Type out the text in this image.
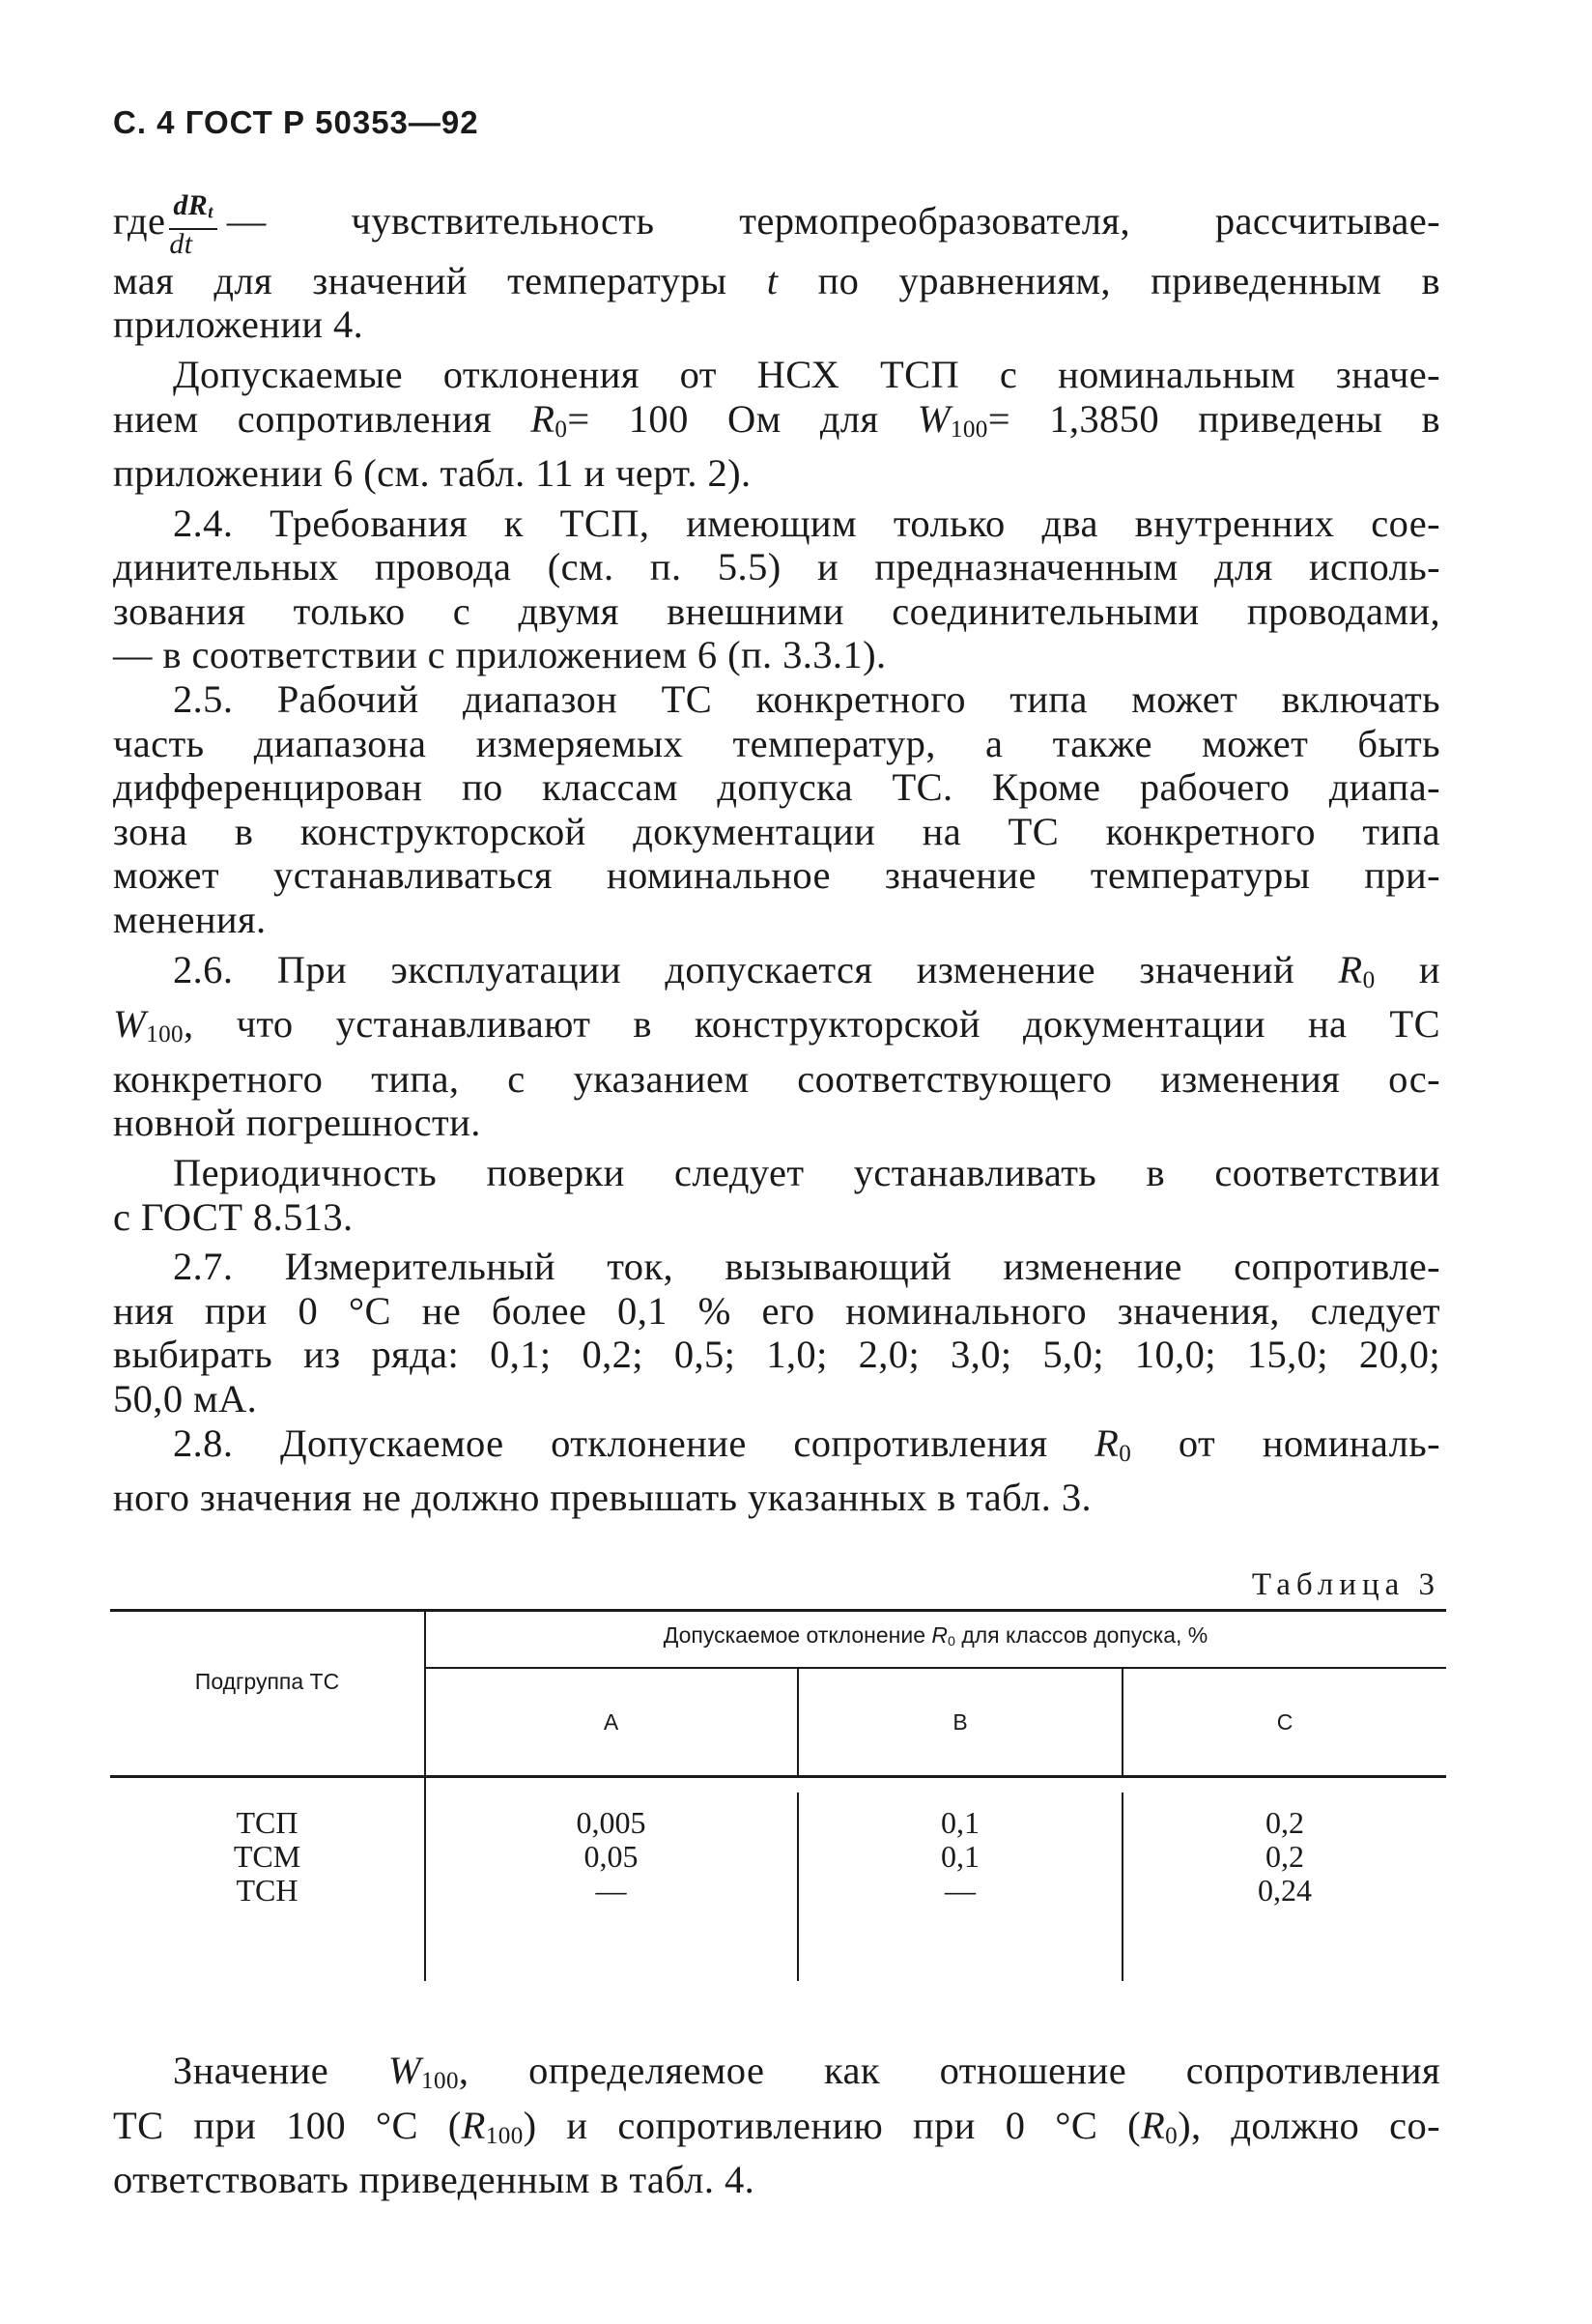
С. 4 ГОСТ Р 50353—92
где $\frac{dR_t}{dt}$ — чувствительность термопреобразователя, рассчитывае-
мая для значений температуры t по уравнениям, приведенным в
приложении 4.
Допускаемые отклонения от НСХ ТСП с номинальным значе-
нием сопротивления $R_0= 100$ Ом для $W_{100}= 1,3850$ приведены в
приложении 6 (см. табл. 11 и черт. 2).
2.4. Требования к ТСП, имеющим только два внутренних сое-
динительных провода (см. п. 5.5) и предназначенным для исполь-
зования только с двумя внешними соединительными проводами,
— в соответствии с приложением 6 (п. 3.3.1).
2.5. Рабочий диапазон ТС конкретного типа может включать
часть диапазона измеряемых температур, а также может быть
дифференцирован по классам допуска ТС. Кроме рабочего диапа-
зона в конструкторской документации на ТС конкретного типа
может устанавливаться номинальное значение температуры при-
менения.
2.6. При эксплуатации допускается изменение значений $R_0$ и
$W_{100}$, что устанавливают в конструкторской документации на ТС
конкретного типа, с указанием соответствующего изменения ос-
новной погрешности.
Периодичность поверки следует устанавливать в соответствии
с ГОСТ 8.513.
2.7. Измерительный ток, вызывающий изменение сопротивле-
ния при 0 °С не более 0,1 % его номинального значения, следует
выбирать из ряда: 0,1; 0,2; 0,5; 1,0; 2,0; 3,0; 5,0; 10,0; 15,0; 20,0;
50,0 мА.
2.8. Допускаемое отклонение сопротивления $R_0$ от номиналь-
ного значения не должно превышать указанных в табл. 3.
Таблица 3
Подгруппа ТС
Допускаемое отклонение $R_0$ для классов допуска, %
А	В	С
ТСП
ТСМ
ТСН
0,005
0,05
—
0,1
0,1
—
0,2
0,2
0,24
Значение $W_{100}$, определяемое как отношение сопротивления
ТС при 100 °С $(R_{100})$ и сопротивлению при 0 °С $(R_0)$, должно со-
ответствовать приведенным в табл. 4.
